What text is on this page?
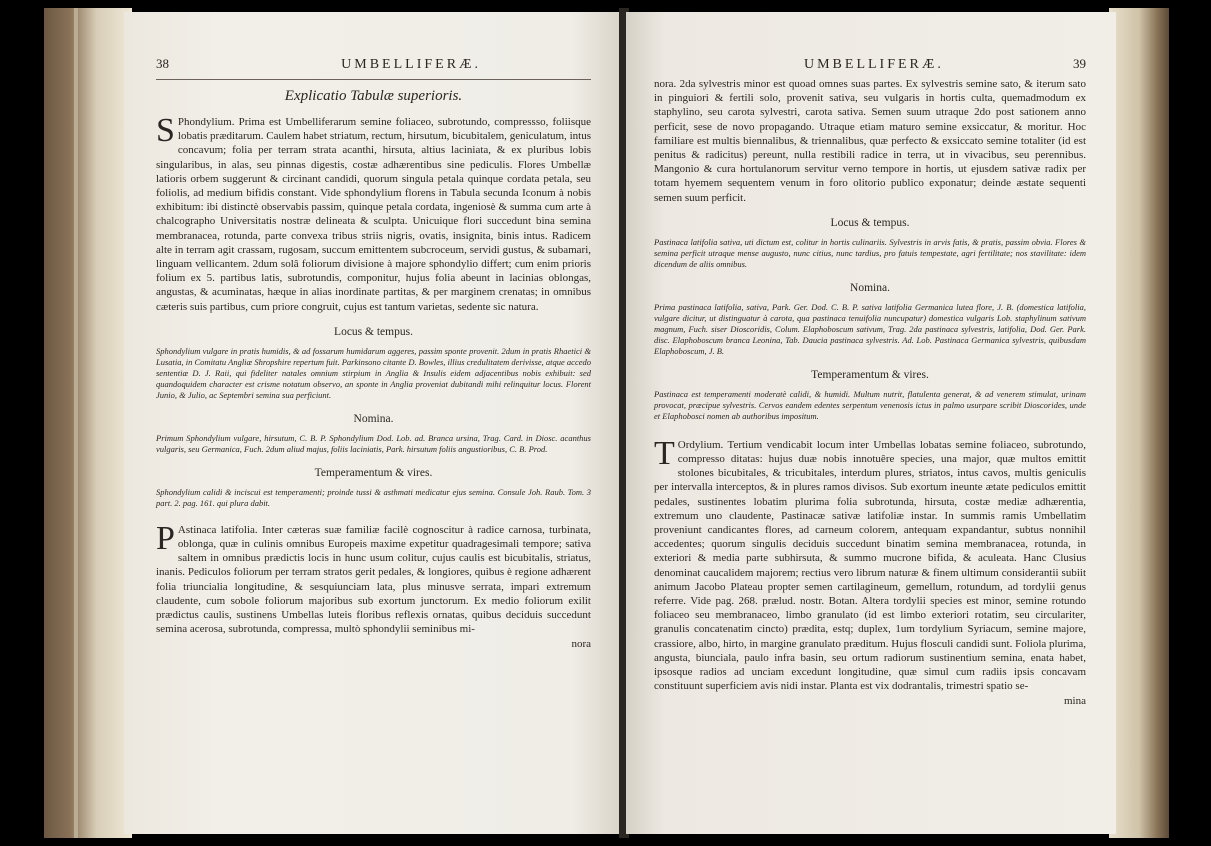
38	UMBELLIFERÆ.
Explicatio Tabulæ superioris.

S Phondylium. Prima est Umbelliferarum semine foliaceo, subrotundo, compressso, foliisque lobatis præditarum. Caulem habet striatum, rectum, hirsutum, bicubitalem, geniculatum, intus concavum; folia per terram strata acanthi, hirsuta, altius laciniata, & ex pluribus lobis singularibus, in alas, seu pinnas digestis, costæ adhærentibus sine pediculis. Flores Umbellæ latioris orbem suggerunt & circinant candidi, quorum singula petala quinque cordata petala, seu foliolis, ad medium bifidis constant. Vide sphondylium florens in Tabula secunda Iconum à nobis exhibitum: ibi distinctè observabis passim, quinque petala cordata, ingeniosè & summa cum arte à chalcographo Universitatis nostræ delineata & sculpta. Unicuique flori succedunt bina semina membranacea, rotunda, parte convexa tribus striis nigris, ovatis, insignita, binis intus. Radicem alte in terram agit crassam, rugosam, succum emittentem subcroceum, servidi gustus, & subamari, linguam vellicantem. 2dum solâ foliorum divisione à majore sphondylio differt; cum enim prioris folium ex 5. partibus latis, subrotundis, componitur, hujus folia abeunt in lacinias oblongas, angustas, & acuminatas, hæque in alias inordinate partitas, & per marginem crenatas; in omnibus cæteris suis partibus, cum priore congruit, cujus est tantum varietas, sedente sic natura.

Locus & tempus.

Sphondylium vulgare in pratis humidis, & ad fossarum humidarum aggeres, passim sponte provenit. 2dum in pratis Rhaetici & Lusatia, in Comitatu Angliæ Shropshire repertum fuit. Parkinsono citante D. Bowles, illius credulitatem derivisse, atque accedo sententiæ D. J. Raii, qui fideliter natales omnium stirpium in Anglia & Insulis eidem adjacentibus nobis exhibuit: sed quandoquidem character est crisme notatum observo, an sponte in Anglia proveniat dubitandi mihi relinquitur locus. Florent Junio, & Julio, ac Septembri semina sua perficiunt.

Nomina.

Primum Sphondylium vulgare, hirsutum, C. B. P. Sphondylium Dod. Lob. ad. Branca ursina, Trag. Card. in Diosc. acanthus vulgaris, seu Germanica, Fuch. 2dum aliud majus, foliis laciniatis, Park. hirsutum foliis angustioribus, C. B. Prod.

Temperamentum & vires.

Sphondylium calidi & inciscui est temperamenti; proinde tussi & asthmati medicatur ejus semina. Consule Joh. Raub. Tom. 3 part. 2. pag. 161. qui plura dabit.

P Astinaca latifolia. Inter cæteras suæ familiæ facilè cognoscitur à radice carnosa, turbinata, oblonga, quæ in culinis omnibus Europeis maxime expetitur quadragesimali tempore; sativa saltem in omnibus prædictis locis in hunc usum colitur, cujus caulis est bicubitalis, striatus, inanis. Pediculos foliorum per terram stratos gerit pedales, & longiores, quibus è regione adhærent folia triuncialia longitudine, & sesquiunciam lata, plus minusve serrata, impari extremum claudente, cum sobole foliorum majoribus sub exortum junctorum. Ex medio foliorum exilit prædictus caulis, sustinens Umbellas luteis floribus reflexis ornatas, quibus deciduis succedunt semina acerosa, subrotunda, compressa, multò sphondylii seminibus mi-

nora
UMBELLIFERÆ.	39

nora. 2da sylvestris minor est quoad omnes suas partes. Ex sylvestris semine sato, & iterum sato in pinguiori & fertili solo, provenit sativa, seu vulgaris in hortis culta, quemadmodum ex staphylino, seu carota sylvestri, carota sativa. Semen suum utraque 2do post sationem anno perficit, sese de novo propagando. Utraque etiam maturo semine exsiccatur, & moritur. Hoc familiare est multis biennalibus, & triennalibus, quæ perfecto & exsiccato semine totaliter (id est penitus & radicitus) pereunt, nulla restibili radice in terra, ut in vivacibus, seu perennibus. Mangonio & cura hortulanorum servitur verno tempore in hortis, ut ejusdem sativæ radix per totam hyemem sequentem venum in foro olitorio publico exponatur; deinde æstate sequenti semen suum perficit.

Locus & tempus.

Pastinaca latifolia sativa, uti dictum est, colitur in hortis culinariis. Sylvestris in arvis fatis, & pratis, passim obvia. Flores & semina perficit utraque mense augusto, nunc citius, nunc tardius, pro fatuis tempestate, agri fertilitate; nos stavilitate: idem dicendum de aliis omnibus.

Nomina.

Prima pastinaca latifolia, sativa, Park. Ger. Dod. C. B. P. sativa latifolia Germanica lutea flore, J. B. (domestica latifolia, vulgare dicitur, ut distinguatur à carota, qua pastinaca tenuifolia nuncupatur) domestica vulgaris Lob. staphylinum sativum magnum, Fuch. siser Dioscoridis, Colum. Elaphoboscum sativum, Trag. 2da pastinaca sylvestris, latifolia, Dod. Ger. Park. disc. Elaphoboscum branca Leonina, Tab. Daucia pastinaca sylvestris. Ad. Lob. Pastinaca Germanica sylvestris, quibusdam Elaphoboscum, J. B.

Temperamentum & vires.

Pastinaca est temperamenti moderatè calidi, & humidi. Multum nutrit, flatulenta generat, & ad venerem stimulat, urinam provocat, præcipue sylvestris. Cervos eandem edentes serpentum venenosis ictus in palmo usurpare scribit Dioscorides, unde et Elaphobosci nomen ab authoribus impositum.

T Ordylium. Tertium vendicabit locum inter Umbellas lobatas semine foliaceo, subrotundo, compresso ditatas: hujus duæ nobis innotuêre species, una major, quæ multos emittit stolones bicubitales, & tricubitales, interdum plures, striatos, intus cavos, multis geniculis per intervalla interceptos, & in plures ramos divisos. Sub exortum ineunte ætate pediculos emittit pedales, sustinentes lobatim plurima folia subrotunda, hirsuta, costæ mediæ adhærentia, extremum uno claudente, Pastinacæ sativæ latifoliæ instar. In summis ramis Umbellatim proveniunt candicantes flores, ad carneum colorem, antequam expandantur, subtus nonnihil accedentes; quorum singulis deciduis succedunt binatim semina membranacea, rotunda, in exteriori & media parte subhirsuta, & summo mucrone bifida, & aculeata. Hanc Clusius denominat caucalidem majorem; rectius vero librum naturæ & finem ultimum considerantii subiit animum Jacobo Plateau propter semen cartilagineum, gemellum, rotundum, ad tordylii genus referre. Vide pag. 268. prælud. nostr. Botan. Altera tordylii species est minor, semine rotundo foliaceo seu membranaceo, limbo granulato (id est limbo exteriori rotatim, seu circulariter, granulis concatenatim cincto) prædita, estq; duplex, 1um tordylium Syriacum, semine majore, crassiore, albo, hirto, in margine granulato præditum. Hujus flosculi candidi sunt. Foliola plurima, angusta, biunciala, paulo infra basin, seu ortum radiorum sustinentium semina, enata habet, ipsosque radios ad unciam excedunt longitudine, quæ simul cum radiis ipsis concavam constituunt superficiem avis nidi instar. Planta est vix dodrantalis, trimestri spatio se-

mina
